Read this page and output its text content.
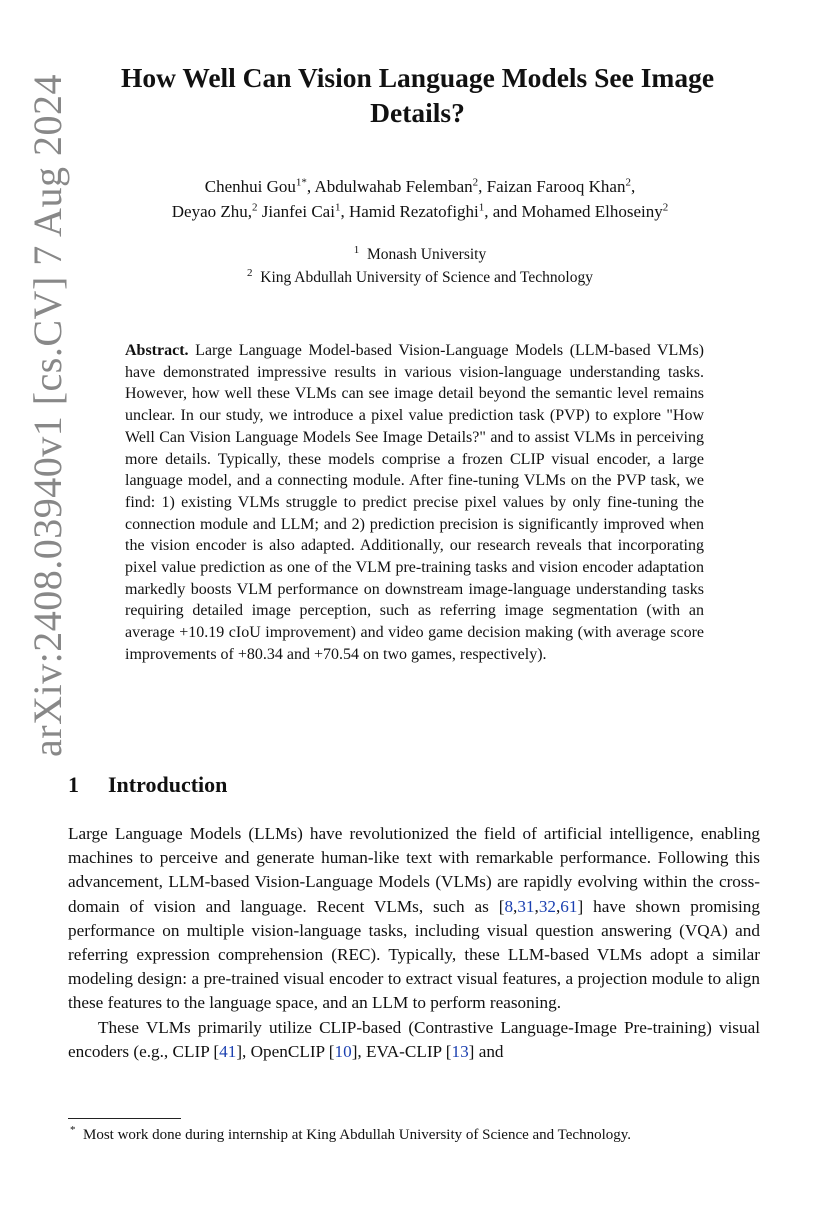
arXiv:2408.03940v1 [cs.CV] 7 Aug 2024	How Well Can Vision Language Models See Image Details?
Chenhui Gou$^{1*}$, Abdulwahab Felemban$^2$, Faizan Farooq Khan$^2$,
Deyao Zhu,$^2$ Jianfei Cai$^1$, Hamid Rezatofighi$^1$, and Mohamed Elhoseiny$^2$
$^1$ Monash University
$^2$ King Abdullah University of Science and Technology
Abstract. Large Language Model-based Vision-Language Models (LLM-based VLMs) have demonstrated impressive results in various vision-language understanding tasks. However, how well these VLMs can see image detail beyond the semantic level remains unclear. In our study, we introduce a pixel value prediction task (PVP) to explore "How Well Can Vision Language Models See Image Details?" and to assist VLMs in perceiving more details. Typically, these models comprise a frozen CLIP visual encoder, a large language model, and a connecting module. After fine-tuning VLMs on the PVP task, we find: 1) existing VLMs struggle to predict precise pixel values by only fine-tuning the connection module and LLM; and 2) prediction precision is significantly improved when the vision encoder is also adapted. Additionally, our research reveals that incorporating pixel value prediction as one of the VLM pre-training tasks and vision encoder adaptation markedly boosts VLM performance on downstream image-language understanding tasks requiring detailed image perception, such as referring image segmentation (with an average +10.19 cIoU improvement) and video game decision making (with average score improvements of +80.34 and +70.54 on two games, respectively).
1 Introduction

Large Language Models (LLMs) have revolutionized the field of artificial intelligence, enabling machines to perceive and generate human-like text with remarkable performance. Following this advancement, LLM-based Vision-Language Models (VLMs) are rapidly evolving within the cross-domain of vision and language. Recent VLMs, such as [8,31,32,61] have shown promising performance on multiple vision-language tasks, including visual question answering (VQA) and referring expression comprehension (REC). Typically, these LLM-based VLMs adopt a similar modeling design: a pre-trained visual encoder to extract visual features, a projection module to align these features to the language space, and an LLM to perform reasoning.

These VLMs primarily utilize CLIP-based (Contrastive Language-Image Pre-training) visual encoders (e.g., CLIP [41], OpenCLIP [10], EVA-CLIP [13] and

* Most work done during internship at King Abdullah University of Science and Technology.
